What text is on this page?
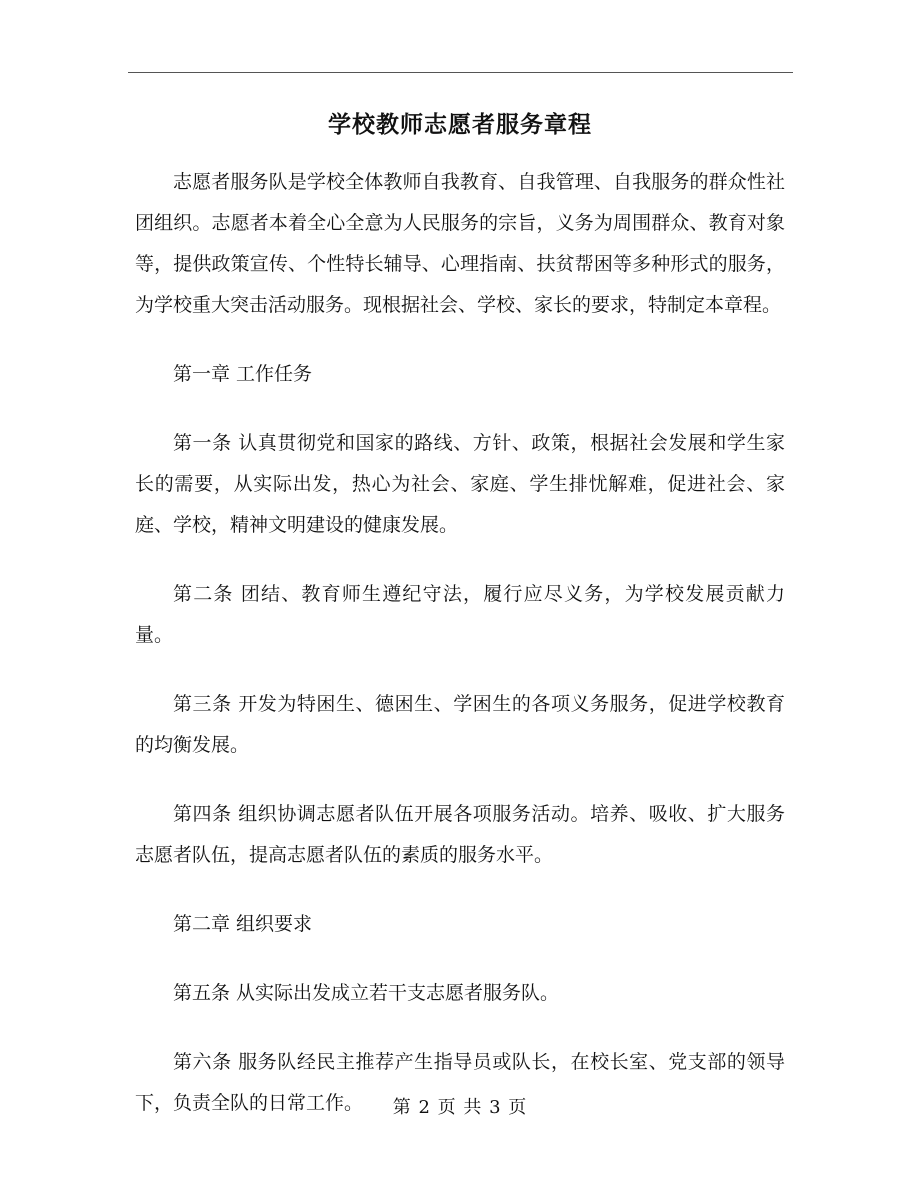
学校教师志愿者服务章程

志愿者服务队是学校全体教师自我教育、自我管理、自我服务的群众性社团组织。志愿者本着全心全意为人民服务的宗旨，义务为周围群众、教育对象等，提供政策宣传、个性特长辅导、心理指南、扶贫帮困等多种形式的服务，为学校重大突击活动服务。现根据社会、学校、家长的要求，特制定本章程。

第一章 工作任务

第一条 认真贯彻党和国家的路线、方针、政策，根据社会发展和学生家长的需要，从实际出发，热心为社会、家庭、学生排忧解难，促进社会、家庭、学校，精神文明建设的健康发展。

第二条 团结、教育师生遵纪守法，履行应尽义务，为学校发展贡献力量。

第三条 开发为特困生、德困生、学困生的各项义务服务，促进学校教育的均衡发展。

第四条 组织协调志愿者队伍开展各项服务活动。培养、吸收、扩大服务志愿者队伍，提高志愿者队伍的素质的服务水平。

第二章 组织要求

第五条 从实际出发成立若干支志愿者服务队。

第六条 服务队经民主推荐产生指导员或队长，在校长室、党支部的领导下，负责全队的日常工作。	第 2 页 共 3 页
